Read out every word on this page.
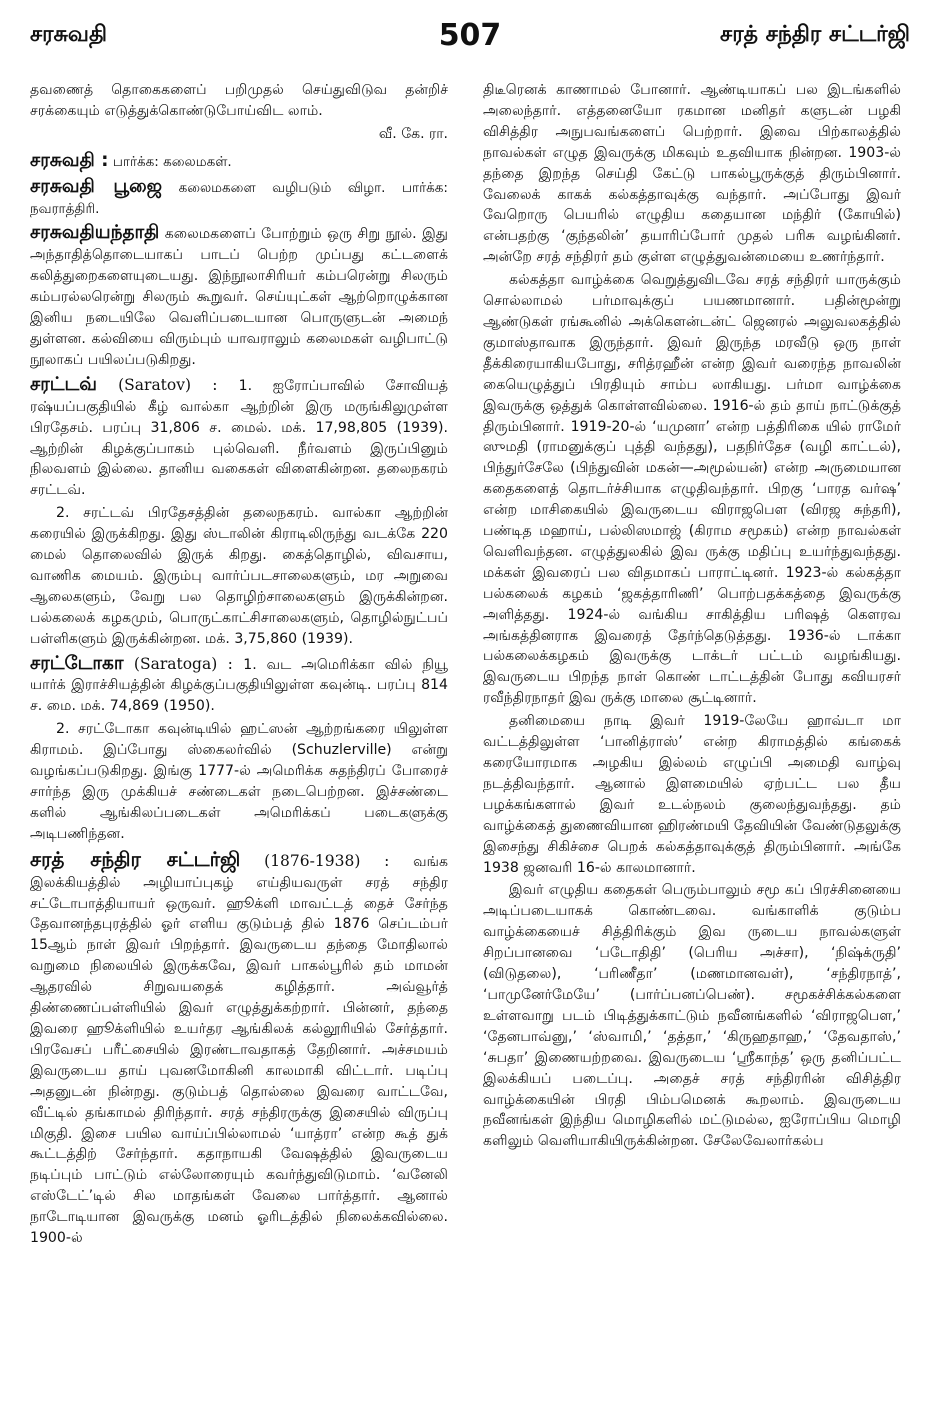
சரசுவதி	507	சரத் சந்திர சட்டர்ஜி

தவணைத் தொகைகளைப் பறிமுதல் செய்துவிடுவ தன்றிச் சரக்கையும் எடுத்துக்கொண்டுபோய்விட லாம்.

வீ. கே. ரா.

சரசுவதி : பார்க்க: கலைமகள்.

சரசுவதி பூஜை கலைமகளை வழிபடும் விழா. பார்க்க: நவராத்திரி.

சரசுவதியந்தாதி கலைமகளைப் போற்றும் ஒரு சிறு நூல். இது அந்தாதித்தொடையாகப் பாடப் பெற்ற முப்பது கட்டளைக் கலித்துறைகளையுடையது. இந்நூலாசிரியர் கம்பரென்று சிலரும் கம்பரல்லரென்று சிலரும் கூறுவர். செய்யுட்கள் ஆற்றொழுக்கான இனிய நடையிலே வெளிப்படையான பொருளுடன் அமைந் துள்ளன. கல்வியை விரும்பும் யாவராலும் கலைமகள் வழிபாட்டு நூலாகப் பயிலப்படுகிறது.

சரட்டவ் (Saratov) : 1. ஐரோப்பாவில் சோவியத் ரஷ்யப்பகுதியில் கீழ் வால்கா ஆற்றின் இரு மருங்கிலுமுள்ள பிரதேசம். பரப்பு 31,806 ச. மைல். மக். 17,98,805 (1939). ஆற்றின் கிழக்குப்பாகம் புல்வெளி. நீர்வளம் இருப்பினும் நிலவளம் இல்லை. தானிய வகைகள் விளைகின்றன. தலைநகரம் சரட்டவ்.

2. சரட்டவ் பிரதேசத்தின் தலைநகரம். வால்கா ஆற்றின் கரையில் இருக்கிறது. இது ஸ்டாலின் கிராடிலிருந்து வடக்கே 220 மைல் தொலைவில் இருக் கிறது. கைத்தொழில், விவசாய, வாணிக மையம். இரும்பு வார்ப்படசாலைகளும், மர அறுவை ஆலைகளும், வேறு பல தொழிற்சாலைகளும் இருக்கின்றன. பல்கலைக் கழகமும், பொருட்காட்சிசாலைகளும், தொழில்நுட்பப் பள்ளிகளும் இருக்கின்றன. மக். 3,75,860 (1939).

சரட்டோகா (Saratoga) : 1. வட அமெரிக்கா வில் நியூ யார்க் இராச்சியத்தின் கிழக்குப்பகுதியிலுள்ள கவுன்டி. பரப்பு 814 ச. மை. மக். 74,869 (1950).

2. சரட்டோகா கவுன்டியில் ஹட்ஸன் ஆற்றங்கரை யிலுள்ள கிராமம். இப்போது ஸ்கைலர்வில் (Schuzlerville) என்று வழங்கப்படுகிறது. இங்கு 1777-ல் அமெரிக்க சுதந்திரப் போரைச் சார்ந்த இரு முக்கியச் சண்டைகள் நடைபெற்றன. இச்சண்டை களில் ஆங்கிலப்படைகள் அமெரிக்கப் படைகளுக்கு அடிபணிந்தன.

சரத் சந்திர சட்டர்ஜி (1876-1938) : வங்க இலக்கியத்தில் அழியாப்புகழ் எய்தியவருள் சரத் சந்திர சட்டோபாத்தியாயர் ஒருவர். ஹூக்ளி மாவட்டத் தைச் சேர்ந்த தேவானந்தபுரத்தில் ஓர் எளிய குடும்பத் தில் 1876 செப்டம்பர் 15ஆம் நாள் இவர் பிறந்தார். இவருடைய தந்தை மோதிலால் வறுமை நிலையில் இருக்கவே, இவர் பாகல்பூரில் தம் மாமன் ஆதரவில் சிறுவயதைக் கழித்தார். அவ்வூர்த் திண்ணைப்பள்ளியில் இவர் எழுத்துக்கற்றார். பின்னர், தந்தை இவரை ஹூக்ளியில் உயர்தர ஆங்கிலக் கல்லூரியில் சேர்த்தார். பிரவேசப் பரீட்சையில் இரண்டாவதாகத் தேறினார். அச்சமயம் இவருடைய தாய் புவனமோகினி காலமாகி விட்டார். படிப்பு அதனுடன் நின்றது. குடும்பத் தொல்லை இவரை வாட்டவே, வீட்டில் தங்காமல் திரிந்தார். சரத் சந்திரருக்கு இசையில் விருப்பு மிகுதி. இசை பயில வாய்ப்பில்லாமல் ‘யாத்ரா’ என்ற கூத் துக் கூட்டத்திற் சேர்ந்தார். கதாநாயகி வேஷத்தில் இவருடைய நடிப்பும் பாட்டும் எல்லோரையும் கவர்ந்துவிடுமாம். ‘வனேலி எஸ்டேட்’டில் சில மாதங்கள் வேலை பார்த்தார். ஆனால் நாடோடியான இவருக்கு மனம் ஓரிடத்தில் நிலைக்கவில்லை. 1900-ல்

திடீரெனக் காணாமல் போனார். ஆண்டியாகப் பல இடங்களில் அலைந்தார். எத்தனையோ ரகமான மனிதர் களுடன் பழகி விசித்திர அநுபவங்களைப் பெற்றார். இவை பிற்காலத்தில் நாவல்கள் எழுத இவருக்கு மிகவும் உதவியாக நின்றன. 1903-ல் தந்தை இறந்த செய்தி கேட்டு பாகல்பூருக்குத் திரும்பினார். வேலைக் காகக் கல்கத்தாவுக்கு வந்தார். அப்போது இவர் வேறொரு பெயரில் எழுதிய கதையான மந்திர் (கோயில்) என்பதற்கு ‘குந்தலின்’ தயாரிப்போர் முதல் பரிசு வழங்கினர். அன்றே சரத் சந்திரர் தம் குள்ள எழுத்துவன்மையை உணர்ந்தார்.

கல்கத்தா வாழ்க்கை வெறுத்துவிடவே சரத் சந்திரர் யாருக்கும் சொல்லாமல் பர்மாவுக்குப் பயணமானார். பதின்மூன்று ஆண்டுகள் ரங்கூனில் அக்கௌன்டன்ட் ஜெனரல் அலுவலகத்தில் குமாஸ்தாவாக இருந்தார். இவர் இருந்த மரவீடு ஒரு நாள் தீக்கிரையாகியபோது, சரித்ரஹீன் என்ற இவர் வரைந்த நாவலின் கையெழுத்துப் பிரதியும் சாம்ப லாகியது. பர்மா வாழ்க்கை இவருக்கு ஒத்துக் கொள்ளவில்லை. 1916-ல் தம் தாய் நாட்டுக்குத் திரும்பினார். 1919-20-ல் ‘யமுனா’ என்ற பத்திரிகை யில் ராமேர் ஸுமதி (ராமனுக்குப் புத்தி வந்தது), பதநிர்தேச (வழி காட்டல்), பிந்துர்சேலே (பிந்துவின் மகன்—அமூல்யன்) என்ற அருமையான கதைகளைத் தொடர்ச்சியாக எழுதிவந்தார். பிறகு ‘பாரத வர்ஷ’ என்ற மாசிகையில் இவருடைய விராஜபௌ (விரஜ சுந்தரி), பண்டித மஹாய், பல்லிஸமாஜ் (கிராம சமூகம்) என்ற நாவல்கள் வெளிவந்தன. எழுத்துலகில் இவ ருக்கு மதிப்பு உயர்ந்துவந்தது. மக்கள் இவரைப் பல விதமாகப் பாராட்டினர். 1923-ல் கல்கத்தா பல்கலைக் கழகம் ‘ஜகத்தாரிணி’ பொற்பதக்கத்தை இவருக்கு அளித்தது. 1924-ல் வங்கிய சாகித்திய பரிஷத் கௌரவ அங்கத்தினராக இவரைத் தேர்ந்தெடுத்தது. 1936-ல் டாக்கா பல்கலைக்கழகம் இவருக்கு டாக்டர் பட்டம் வழங்கியது. இவருடைய பிறந்த நாள் கொண் டாட்டத்தின் போது கவியரசர் ரவீந்திரநாதர் இவ ருக்கு மாலை சூட்டினார்.

தனிமையை நாடி இவர் 1919-லேயே ஹாவ்டா மா வட்டத்திலுள்ள ‘பானித்ராஸ்’ என்ற கிராமத்தில் கங்கைக் கரையோரமாக அழகிய இல்லம் எழுப்பி அமைதி வாழ்வு நடத்திவந்தார். ஆனால் இளமையில் ஏற்பட்ட பல தீய பழக்கங்களால் இவர் உடல்நலம் குலைந்துவந்தது. தம் வாழ்க்கைத் துணைவியான ஹிரண்மயி தேவியின் வேண்டுதலுக்கு இசைந்து சிகிச்சை பெறக் கல்கத்தாவுக்குத் திரும்பினார். அங்கே 1938 ஜனவரி 16-ல் காலமானார்.

இவர் எழுதிய கதைகள் பெரும்பாலும் சமூ கப் பிரச்சினையை அடிப்படையாகக் கொண்டவை. வங்காளிக் குடும்ப வாழ்க்கையைச் சித்திரிக்கும் இவ ருடைய நாவல்களுள் சிறப்பானவை ‘படோதிதி’ (பெரிய அச்சா), ‘நிஷ்க்ருதி’ (விடுதலை), ‘பரிணீதா’ (மணமானவள்), ‘சந்திரநாத்’, ‘பாமுனேர்மேயே’ (பார்ப்பனப்பெண்). சமூகச்சிக்கல்களை உள்ளவாறு படம் பிடித்துக்காட்டும் நவீனங்களில் ‘விராஜபௌ,’ ‘தேனபாவ்னு,’ ‘ஸ்வாமி,’ ‘தத்தா,’ ‘கிருஹதாஹ,’ ‘தேவதாஸ்,’ ‘சுபதா’ இணையற்றவை. இவருடைய ‘ஸ்ரீகாந்த’ ஒரு தனிப்பட்ட இலக்கியப் படைப்பு. அதைச் சரத் சந்திரரின் விசித்திர வாழ்க்கையின் பிரதி பிம்பமெனக் கூறலாம். இவருடைய நவீனங்கள் இந்திய மொழிகளில் மட்டுமல்ல, ஐரோப்பிய மொழி களிலும் வெளியாகியிருக்கின்றன. சேலேவேலார்கல்ப
